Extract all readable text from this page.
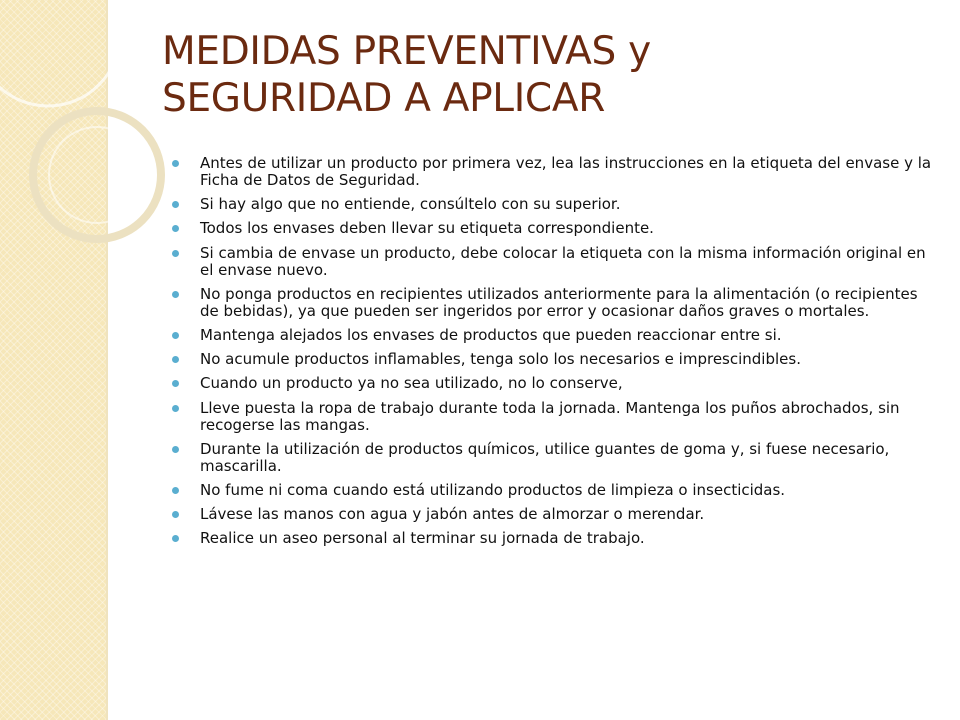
MEDIDAS PREVENTIVAS y
SEGURIDAD A APLICAR
Antes de utilizar un producto por primera vez, lea las instrucciones en la etiqueta del envase y la Ficha de Datos de Seguridad.
Si hay algo que no entiende, consúltelo con su superior.
Todos los envases deben llevar su etiqueta correspondiente.
Si cambia de envase un producto, debe colocar la etiqueta con la misma información original en el envase nuevo.
No ponga productos en recipientes utilizados anteriormente para la alimentación (o recipientes de bebidas), ya que pueden ser ingeridos por error y ocasionar daños graves o mortales.
Mantenga alejados los envases de productos que pueden reaccionar entre si.
No acumule productos inflamables, tenga solo los necesarios e imprescindibles.
Cuando un producto ya no sea utilizado, no lo conserve,
Lleve puesta la ropa de trabajo durante toda la jornada. Mantenga los puños abrochados, sin recogerse las mangas.
Durante la utilización de productos químicos, utilice guantes de goma y, si fuese necesario, mascarilla.
No fume ni coma cuando está utilizando productos de limpieza o insecticidas.
Lávese las manos con agua y jabón antes de almorzar o merendar.
Realice un aseo personal al terminar su jornada de trabajo.
